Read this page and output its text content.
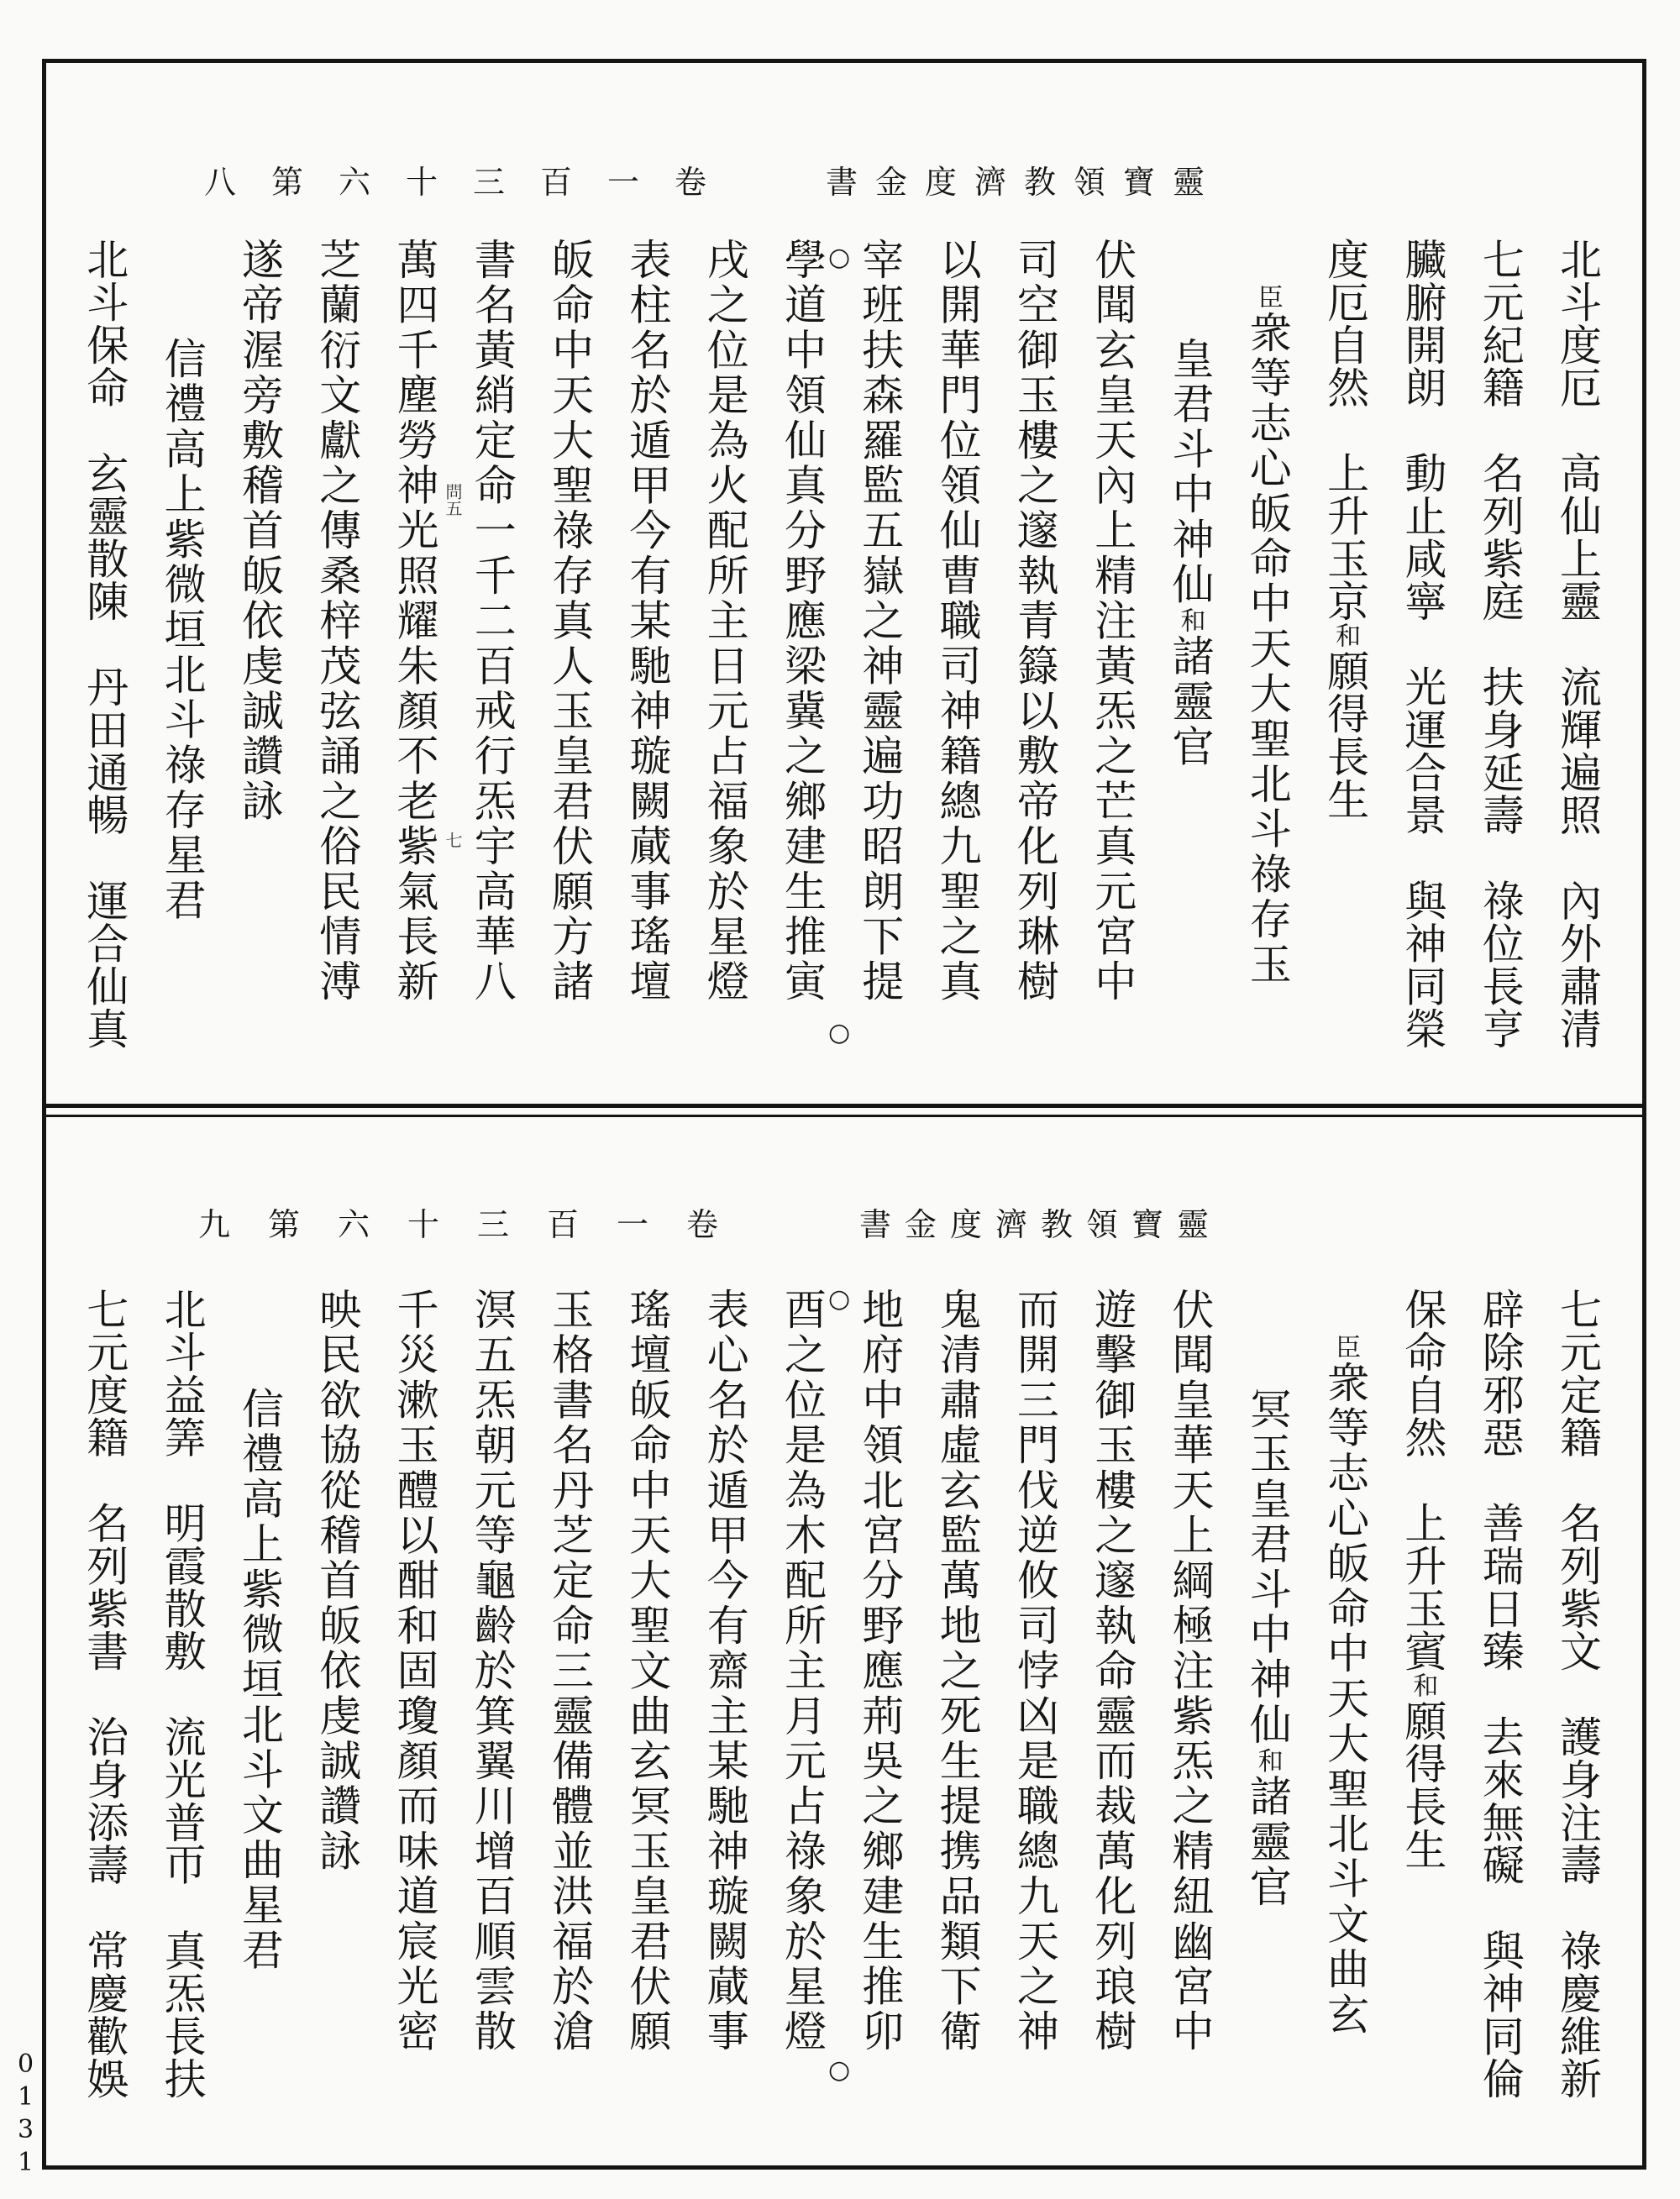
靈寶領教濟度金書
卷一百三十六第八
○
○
問五
七	北斗度厄　高仙上靈　流輝遍照　內外肅清
七元紀籍　名列紫庭　扶身延壽　祿位長亨
臟腑開朗　動止咸寧　光運合景　與神同榮
度厄自然　上升玉京和願得長生
臣衆等志心皈命中天大聖北斗祿存玉
皇君斗中神仙和諸靈官
伏聞玄皇天內上精注黃炁之芒真元宮中
司空御玉樓之邃執青籙以敷帝化列琳樹
以開華門位領仙曹職司神籍總九聖之真
宰班扶森羅監五嶽之神靈遍功昭朗下提
學道中領仙真分野應梁冀之鄉建生推寅
戌之位是為火配所主日元占福象於星燈
表柱名於遁甲今有某馳神璇闕蕆事瑤壇
皈命中天大聖祿存真人玉皇君伏願方諸
書名黃綃定命一千二百戒行炁宇高華八
萬四千塵勞神光照耀朱顏不老紫氣長新
芝蘭衍文獻之傳桑梓茂弦誦之俗民情溥
遂帝渥旁敷稽首皈依虔誠讚詠
信禮高上紫微垣北斗祿存星君
北斗保命　玄靈散陳　丹田通暢　運合仙真
靈寶領教濟度金書
卷一百三十六第九
○
○	七元定籍　名列紫文　護身注壽　祿慶維新
辟除邪惡　善瑞日臻　去來無礙　與神同倫
保命自然　上升玉賓和願得長生
臣衆等志心皈命中天大聖北斗文曲玄
冥玉皇君斗中神仙和諸靈官
伏聞皇華天上綱極注紫炁之精紐幽宮中
遊擊御玉樓之邃執命靈而裁萬化列琅樹
而開三門伐逆攸司悖凶是職總九天之神
鬼清肅虛玄監萬地之死生提携品類下衛
地府中領北宮分野應荊吳之鄉建生推卯
酉之位是為木配所主月元占祿象於星燈
表心名於遁甲今有齋主某馳神璇闕蕆事
瑤壇皈命中天大聖文曲玄冥玉皇君伏願
玉格書名丹芝定命三靈備體並洪福於滄
溟五炁朝元等龜齡於箕翼川增百順雲散
千災漱玉醴以酣和固瓊顏而味道宸光密
映民欲協從稽首皈依虔誠讚詠
信禮高上紫微垣北斗文曲星君
北斗益筭　明霞散敷　流光普帀　真炁長扶
七元度籍　名列紫書　治身添壽　常慶歡娛
0131
